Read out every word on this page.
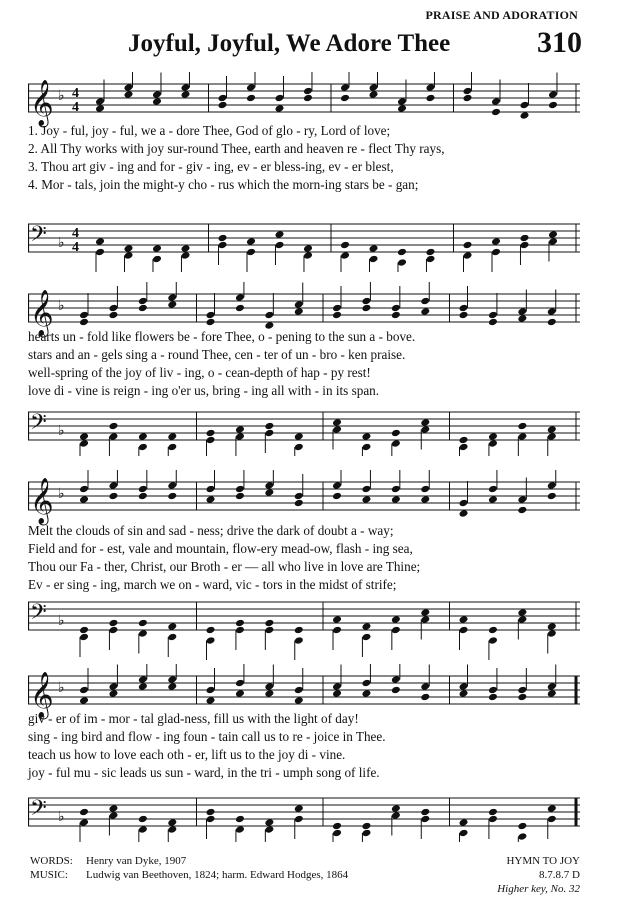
PRAISE AND ADORATION
Joyful, Joyful, We Adore Thee	310
𝄞 ♭ 4
4
1. Joy - ful, joy - ful, we a - dore Thee, God of glo - ry, Lord of love;
2. All Thy works with joy sur-round Thee, earth and heaven re - flect Thy rays,
3. Thou art giv - ing and for - giv - ing, ev - er bless-ing, ev - er blest,
4. Mor - tals, join the might-y cho - rus which the morn-ing stars be - gan;
𝄢 ♭
4
4
𝄞 ♭
hearts un - fold like flowers be - fore Thee, o - pening to the sun a - bove.
stars and an - gels sing a - round Thee, cen - ter of un - bro - ken praise.
well-spring of the joy of liv - ing, o - cean-depth of hap - py rest!
love di - vine is reign - ing o'er us, bring - ing all with - in its span.
𝄢 ♭
𝄞 ♭
Melt the clouds of sin and sad - ness; drive the dark of doubt a - way;
Field and for - est, vale and mountain, flow-ery mead-ow, flash - ing sea,
Thou our Fa - ther, Christ, our Broth - er — all who live in love are Thine;
Ev - er sing - ing, march we on - ward, vic - tors in the midst of strife;
𝄢 ♭
𝄞 ♭
giv - er of im - mor - tal glad-ness, fill us with the light of day!
sing - ing bird and flow - ing foun - tain call us to re - joice in Thee.
teach us how to love each oth - er, lift us to the joy di - vine.
joy - ful mu - sic leads us sun - ward, in the tri - umph song of life.
𝄢 ♭
WORDS: Henry van Dyke, 1907	HYMN TO JOY
MUSIC: Ludwig van Beethoven, 1824; harm. Edward Hodges, 1864	8.7.8.7 D
Higher key, No. 32
